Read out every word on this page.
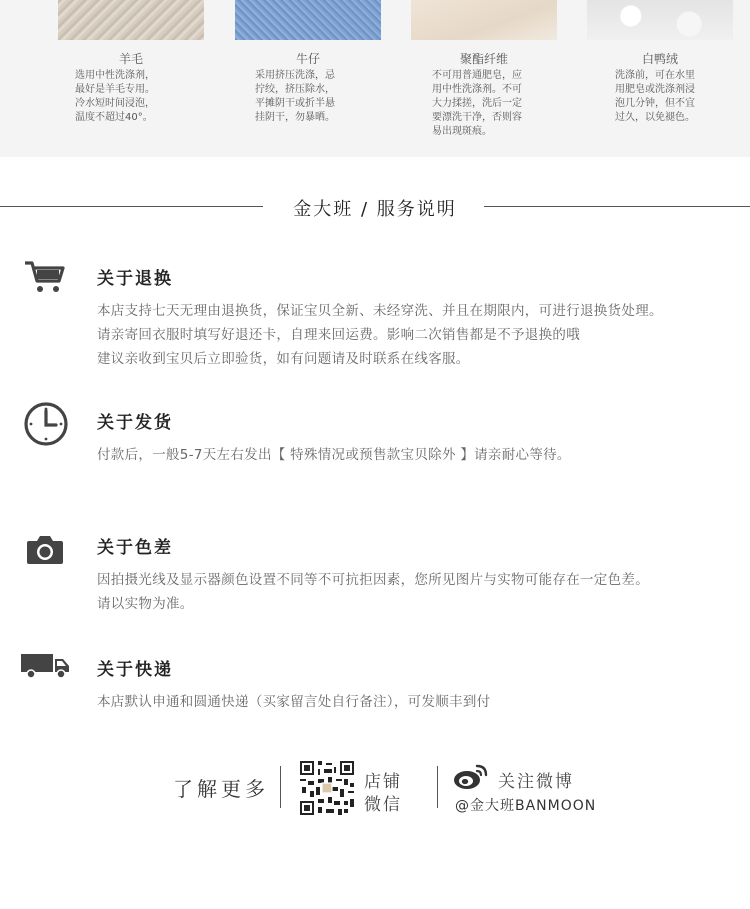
羊毛	牛仔	聚酯纤维	白鸭绒
选用中性洗涤剂，
最好是羊毛专用。
冷水短时间浸泡，
温度不超过40°。
采用挤压洗涤，忌
拧绞，挤压除水，
平摊阴干或折半悬
挂阴干，勿暴晒。
不可用普通肥皂，应
用中性洗涤剂。不可
大力揉搓，洗后一定
要漂洗干净，否则容
易出现斑痕。
洗涤前，可在水里
用肥皂或洗涤剂浸
泡几分钟，但不宜
过久，以免褪色。
金大班 / 服务说明
关于退换
本店支持七天无理由退换货，保证宝贝全新、未经穿洗、并且在期限内，可进行退换货处理。
请亲寄回衣服时填写好退还卡，自理来回运费。影响二次销售都是不予退换的哦
建议亲收到宝贝后立即验货，如有问题请及时联系在线客服。
关于发货
付款后，一般5-7天左右发出【 特殊情况或预售款宝贝除外 】请亲耐心等待。
关于色差
因拍摄光线及显示器颜色设置不同等不可抗拒因素，您所见图片与实物可能存在一定色差。
请以实物为准。
关于快递
本店默认申通和圆通快递（买家留言处自行备注），可发顺丰到付
了解更多	店铺
微信
关注微博
@金大班BANMOON
